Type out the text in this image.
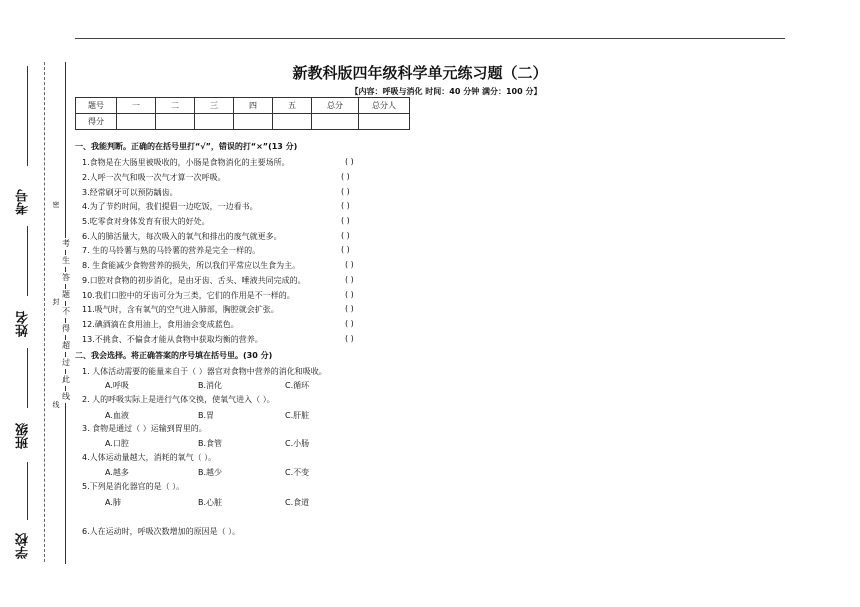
考号
姓名
班级
学校
密
封
线
考
生
答
题
不
得
超
过
此
线
新教科版四年级科学单元练习题（二）
【内容：呼吸与消化 时间：40 分钟 满分：100 分】
题号	一	二	三	四	五	总分	总分人
得分							
一、我能判断。正确的在括号里打“√”，错误的打“×”(13 分)
1.食物是在大肠里被吸收的，小肠是食物消化的主要场所。	( )
2.人呼一次气和吸一次气才算一次呼吸。	( )
3.经常刷牙可以预防龋齿。	( )
4.为了节约时间，我们提倡一边吃饭，一边看书。	( )
5.吃零食对身体发育有很大的好处。	( )
6.人的肺活量大，每次吸入的氧气和排出的废气就更多。	( )
7. 生的马铃薯与熟的马铃薯的营养是完全一样的。	( )
8. 生食能减少食物营养的损失，所以我们平常应以生食为主。	( )
9.口腔对食物的初步消化，是由牙齿、舌头、唾液共同完成的。	( )
10.我们口腔中的牙齿可分为三类，它们的作用是不一样的。	( )
11.吸气时，含有氧气的空气进入肺部，胸腔就会扩张。	( )
12.碘酒滴在食用油上，食用油会变成蓝色。	( )
13.不挑食、不偏食才能从食物中获取均衡的营养。	( )
二、我会选择。将正确答案的序号填在括号里。(30 分)
1. 人体活动需要的能量来自于（ ）器官对食物中营养的消化和吸收。
A.呼吸	B.消化	C.循环
2. 人的呼吸实际上是进行气体交换，使氧气进入（ ）。
A.血液	B.胃	C.肝脏
3. 食物是通过（ ）运输到胃里的。
A.口腔	B.食管	C.小肠
4.人体运动量越大，消耗的氧气（ ）。
A.越多	B.越少	C.不变
5.下列是消化器官的是（ ）。
A.肺	B.心脏	C.食道
6.人在运动时，呼吸次数增加的原因是（ ）。
